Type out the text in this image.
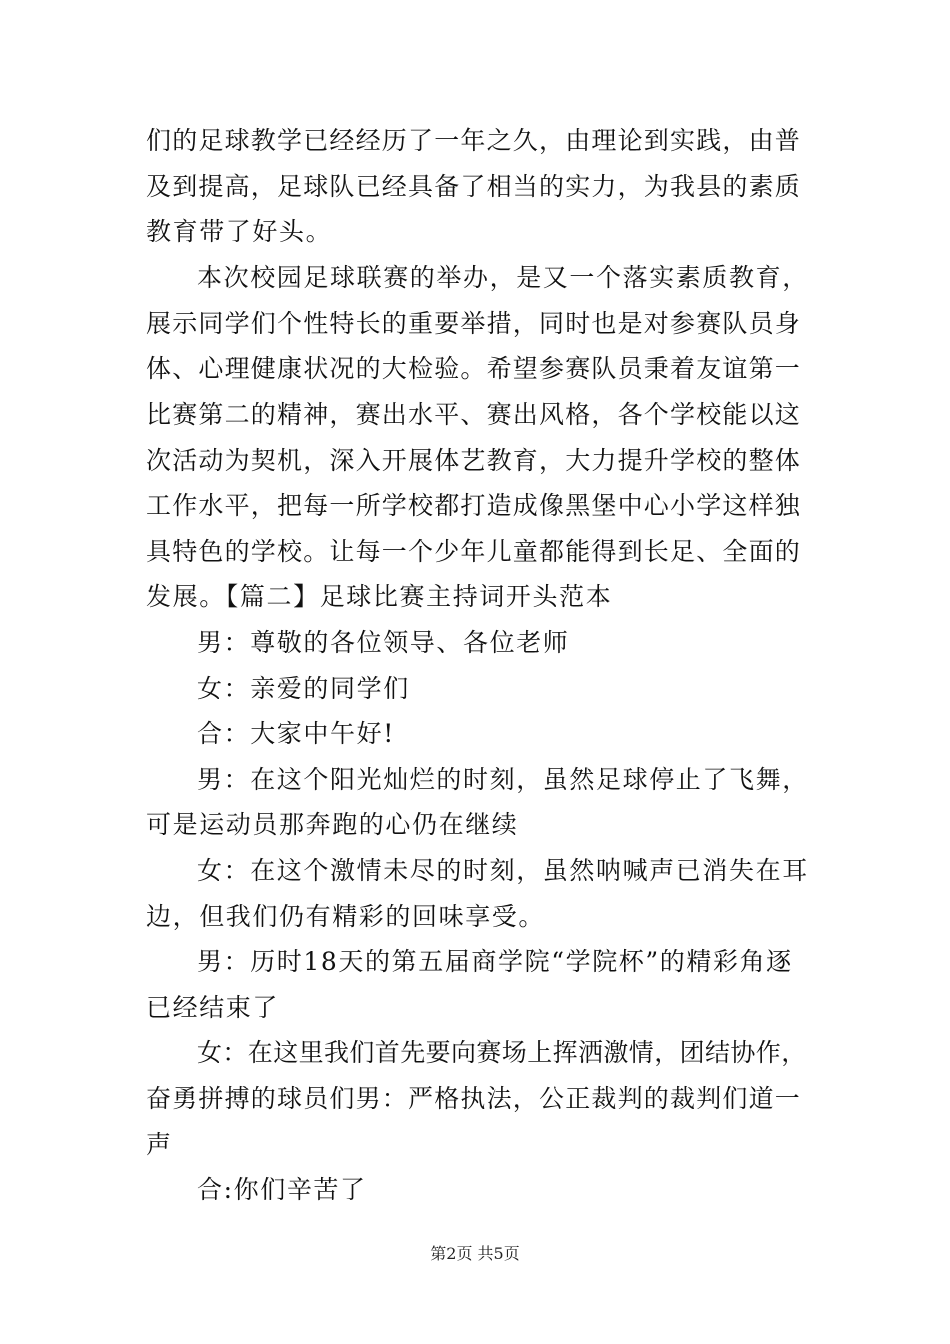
们的足球教学已经经历了一年之久，由理论到实践，由普
及到提高，足球队已经具备了相当的实力，为我县的素质
教育带了好头。
本次校园足球联赛的举办，是又一个落实素质教育，
展示同学们个性特长的重要举措，同时也是对参赛队员身
体、心理健康状况的大检验。希望参赛队员秉着友谊第一
比赛第二的精神，赛出水平、赛出风格，各个学校能以这
次活动为契机，深入开展体艺教育，大力提升学校的整体
工作水平，把每一所学校都打造成像黑堡中心小学这样独
具特色的学校。让每一个少年儿童都能得到长足、全面的
发展。【篇二】足球比赛主持词开头范本
男：尊敬的各位领导、各位老师
女：亲爱的同学们
合：大家中午好!
男：在这个阳光灿烂的时刻，虽然足球停止了飞舞，
可是运动员那奔跑的心仍在继续
女：在这个激情未尽的时刻，虽然呐喊声已消失在耳
边，但我们仍有精彩的回味享受。
男：历时18天的第五届商学院“学院杯”的精彩角逐
已经结束了
女：在这里我们首先要向赛场上挥洒激情，团结协作，
奋勇拼搏的球员们男：严格执法，公正裁判的裁判们道一
声
合:你们辛苦了
第2页 共5页
